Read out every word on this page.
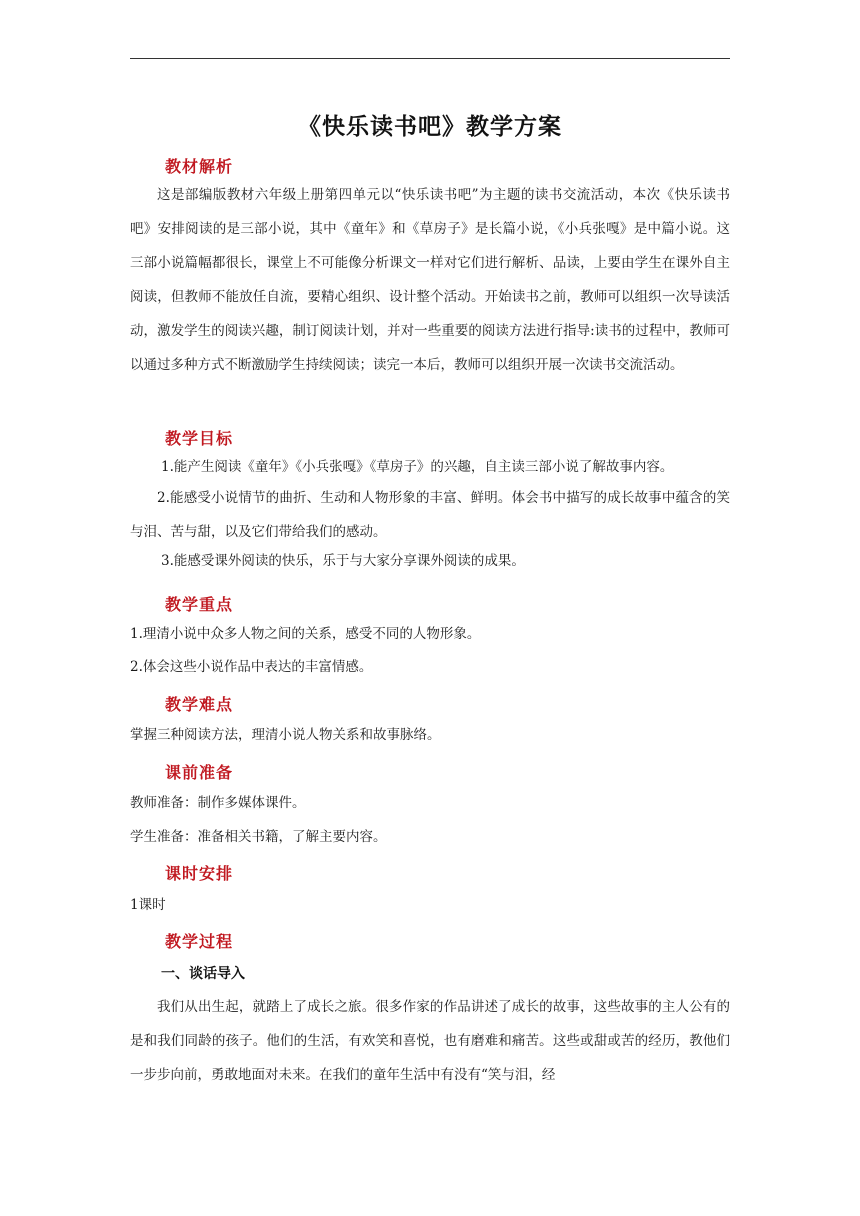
《快乐读书吧》教学方案
教材解析

这是部编版教材六年级上册第四单元以“快乐读书吧”为主题的读书交流活动，本次《快乐读书吧》安排阅读的是三部小说，其中《童年》和《草房子》是长篇小说，《小兵张嘎》是中篇小说。这三部小说篇幅都很长，课堂上不可能像分析课文一样对它们进行解析、品读，上要由学生在课外自主阅读，但教师不能放任自流，要精心组织、设计整个活动。开始读书之前，教师可以组织一次导读活动，激发学生的阅读兴趣，制订阅读计划，并对一些重要的阅读方法进行指导:读书的过程中，教师可以通过多种方式不断激励学生持续阅读；读完一本后，教师可以组织开展一次读书交流活动。

教学目标

1.能产生阅读《童年》《小兵张嘎》《草房子》的兴趣，自主读三部小说了解故事内容。

2.能感受小说情节的曲折、生动和人物形象的丰富、鲜明。体会书中描写的成长故事中蕴含的笑与泪、苦与甜，以及它们带给我们的感动。

3.能感受课外阅读的快乐，乐于与大家分享课外阅读的成果。

教学重点

1.理清小说中众多人物之间的关系，感受不同的人物形象。

2.体会这些小说作品中表达的丰富情感。

教学难点

掌握三种阅读方法，理清小说人物关系和故事脉络。

课前准备

教师准备：制作多媒体课件。

学生准备：准备相关书籍，了解主要内容。

课时安排

1课时

教学过程
一、谈话导入

我们从出生起，就踏上了成长之旅。很多作家的作品讲述了成长的故事，这些故事的主人公有的是和我们同龄的孩子。他们的生活，有欢笑和喜悦，也有磨难和痛苦。这些或甜或苦的经历，教他们一步步向前，勇敢地面对未来。在我们的童年生活中有没有“笑与泪，经
